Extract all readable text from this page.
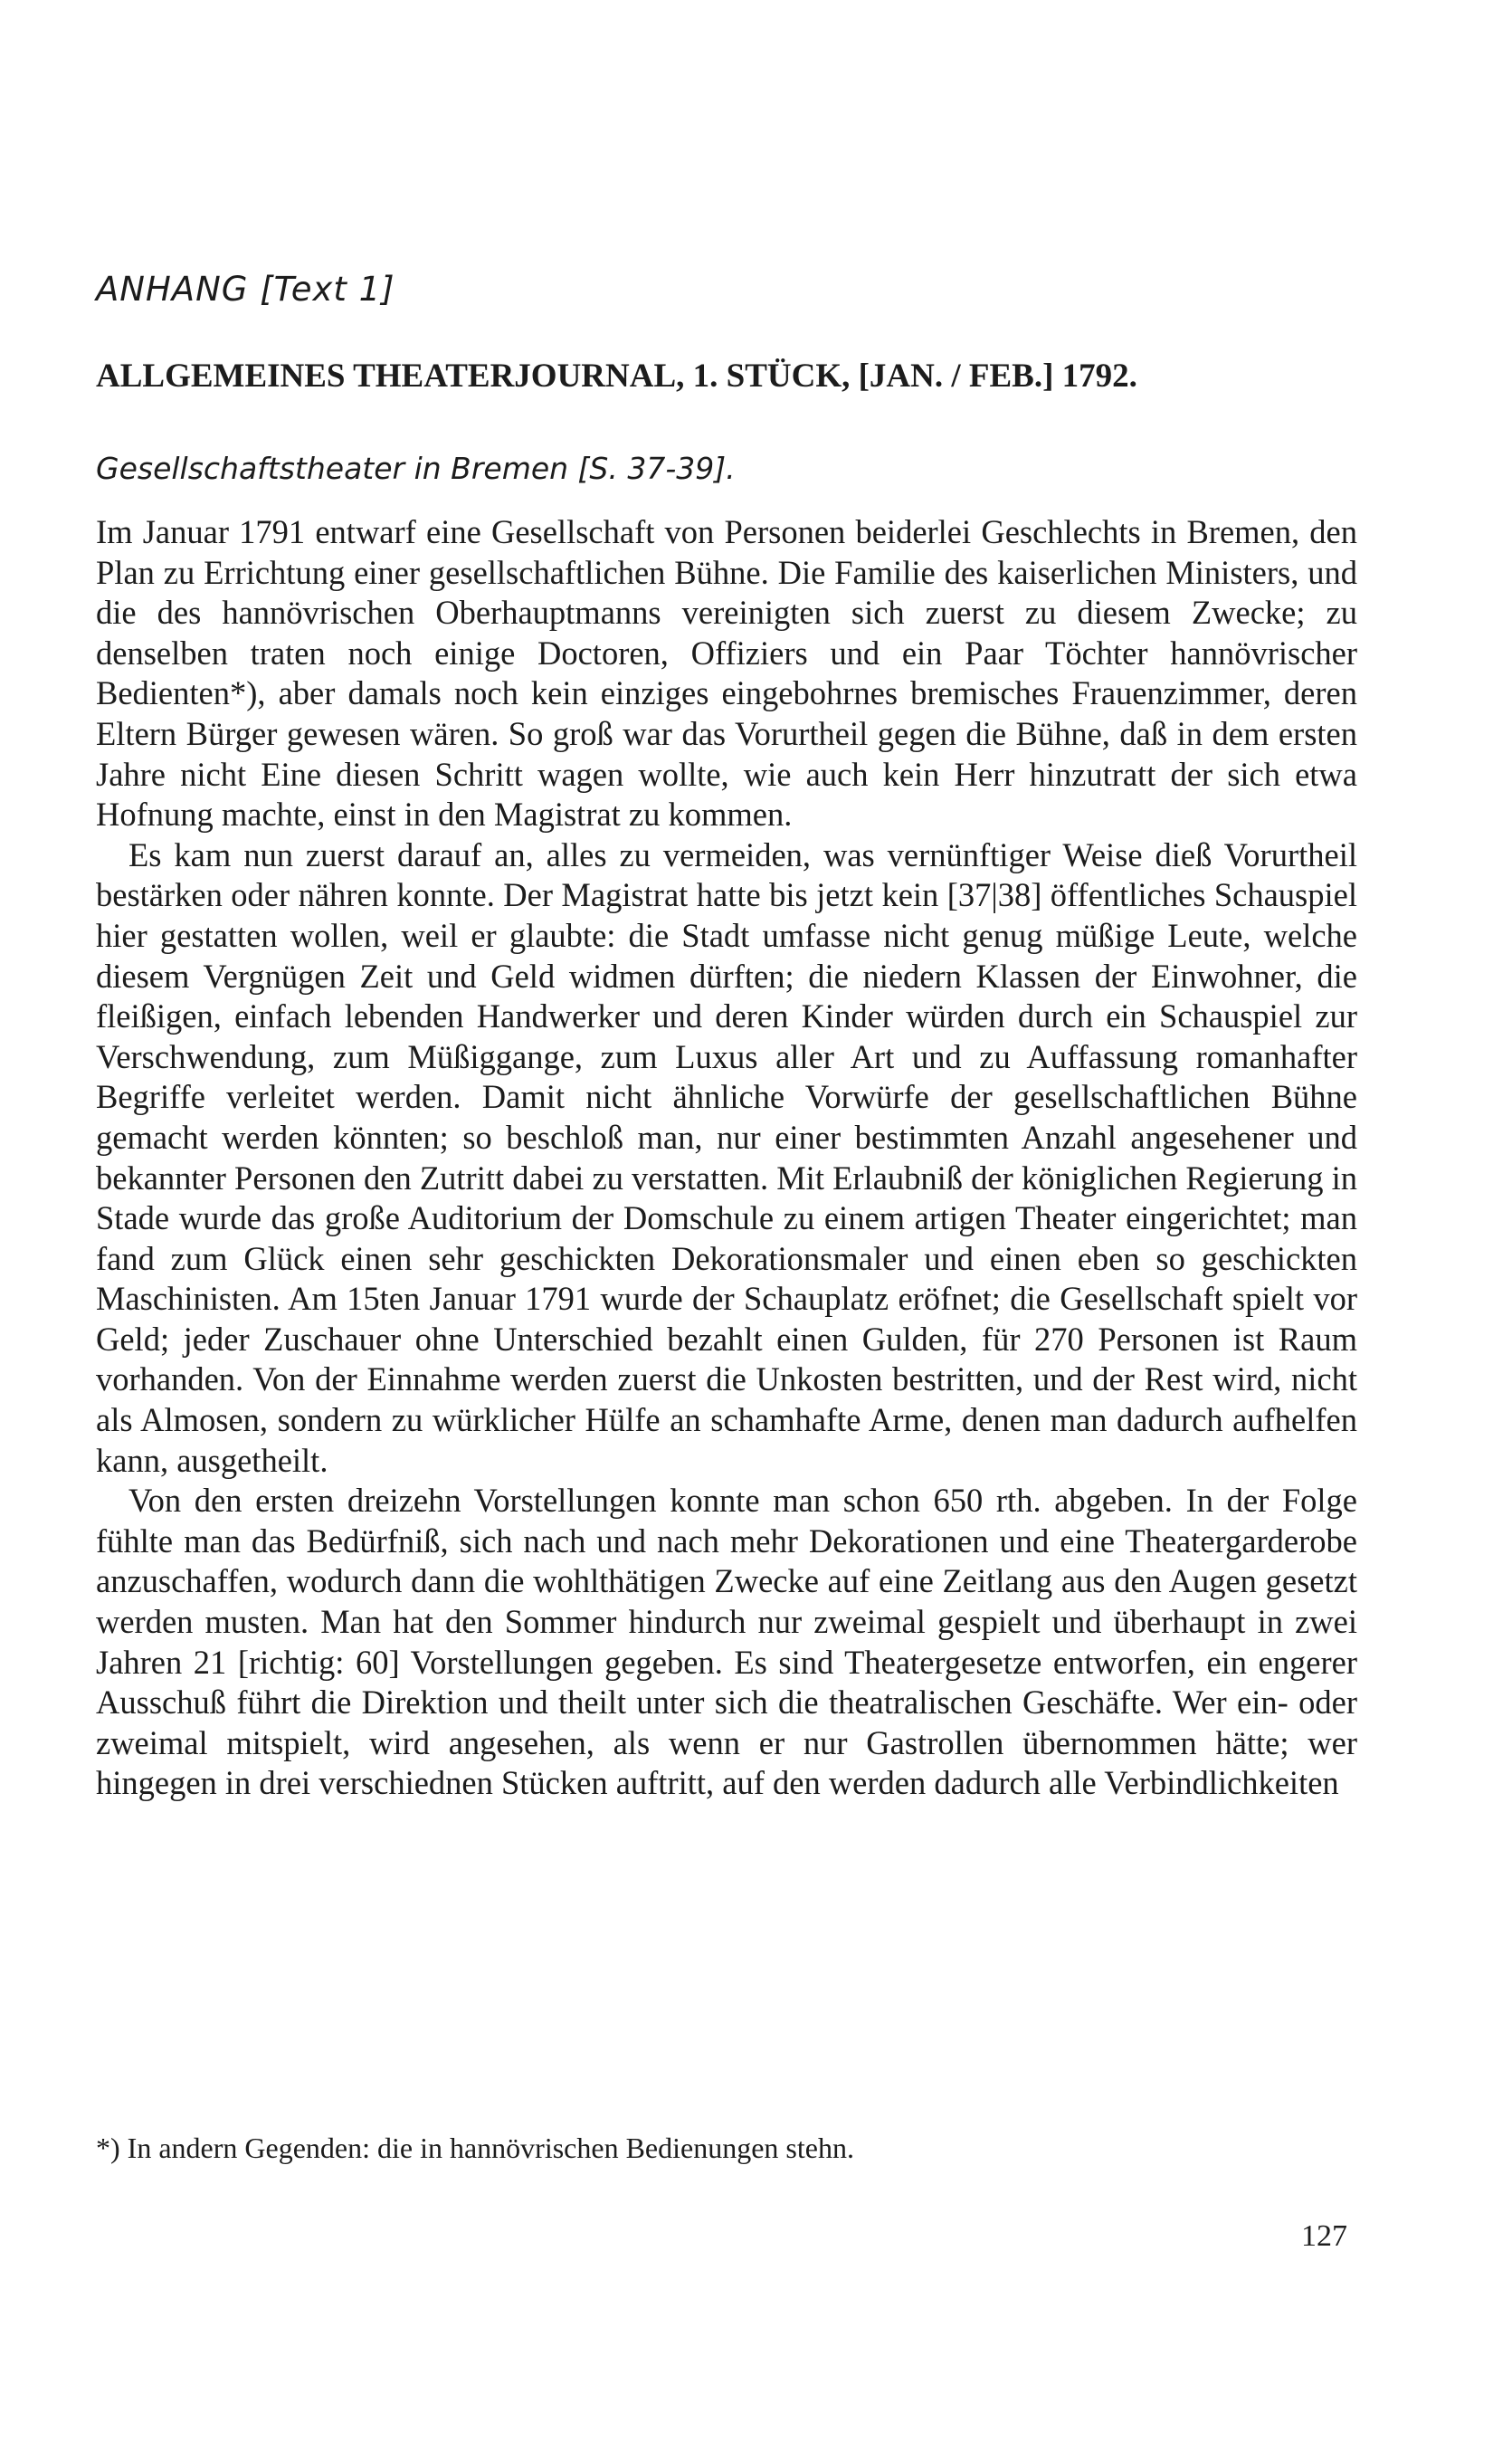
ANHANG [Text 1]
ALLGEMEINES THEATERJOURNAL, 1. STÜCK, [JAN. / FEB.] 1792.
Gesellschaftstheater in Bremen [S. 37-39].

Im Januar 1791 entwarf eine Gesellschaft von Personen beiderlei Geschlechts in Bremen, den Plan zu Errichtung einer gesellschaftlichen Bühne. Die Familie des kaiserlichen Ministers, und die des hannövrischen Oberhauptmanns vereinigten sich zuerst zu diesem Zwecke; zu denselben traten noch einige Doctoren, Offiziers und ein Paar Töchter hannövrischer Bedienten*), aber damals noch kein einziges eingebohrnes bremisches Frauenzimmer, deren Eltern Bürger gewesen wären. So groß war das Vorurtheil gegen die Bühne, daß in dem ersten Jahre nicht Eine diesen Schritt wagen wollte, wie auch kein Herr hinzutratt der sich etwa Hofnung machte, einst in den Magistrat zu kommen.

Es kam nun zuerst darauf an, alles zu vermeiden, was vernünftiger Weise dieß Vorurtheil bestärken oder nähren konnte. Der Magistrat hatte bis jetzt kein [37|38] öffentliches Schauspiel hier gestatten wollen, weil er glaubte: die Stadt umfasse nicht genug müßige Leute, welche diesem Vergnügen Zeit und Geld widmen dürften; die niedern Klassen der Einwohner, die fleißigen, einfach lebenden Handwerker und deren Kinder würden durch ein Schauspiel zur Verschwendung, zum Müßiggange, zum Luxus aller Art und zu Auffassung romanhafter Begriffe verleitet werden. Damit nicht ähnliche Vorwürfe der gesellschaftlichen Bühne gemacht werden könnten; so beschloß man, nur einer bestimmten Anzahl angesehener und bekannter Personen den Zutritt dabei zu verstatten. Mit Erlaubniß der königlichen Regierung in Stade wurde das große Auditorium der Domschule zu einem artigen Theater eingerichtet; man fand zum Glück einen sehr geschickten Dekorationsmaler und einen eben so geschickten Maschinisten. Am 15ten Januar 1791 wurde der Schauplatz eröfnet; die Gesellschaft spielt vor Geld; jeder Zuschauer ohne Unterschied bezahlt einen Gulden, für 270 Personen ist Raum vorhanden. Von der Einnahme werden zuerst die Unkosten bestritten, und der Rest wird, nicht als Almosen, sondern zu würklicher Hülfe an schamhafte Arme, denen man dadurch aufhelfen kann, ausgetheilt.

Von den ersten dreizehn Vorstellungen konnte man schon 650 rth. abgeben. In der Folge fühlte man das Bedürfniß, sich nach und nach mehr Dekorationen und eine Theatergarderobe anzuschaffen, wodurch dann die wohlthätigen Zwecke auf eine Zeitlang aus den Augen gesetzt werden musten. Man hat den Sommer hindurch nur zweimal gespielt und überhaupt in zwei Jahren 21 [richtig: 60] Vorstellungen gegeben. Es sind Theatergesetze entworfen, ein engerer Ausschuß führt die Direktion und theilt unter sich die theatralischen Geschäfte. Wer ein- oder zweimal mitspielt, wird angesehen, als wenn er nur Gastrollen übernommen hätte; wer hingegen in drei verschiednen Stücken auftritt, auf den werden dadurch alle Verbindlichkeiten

*) In andern Gegenden: die in hannövrischen Bedienungen stehn.
127
